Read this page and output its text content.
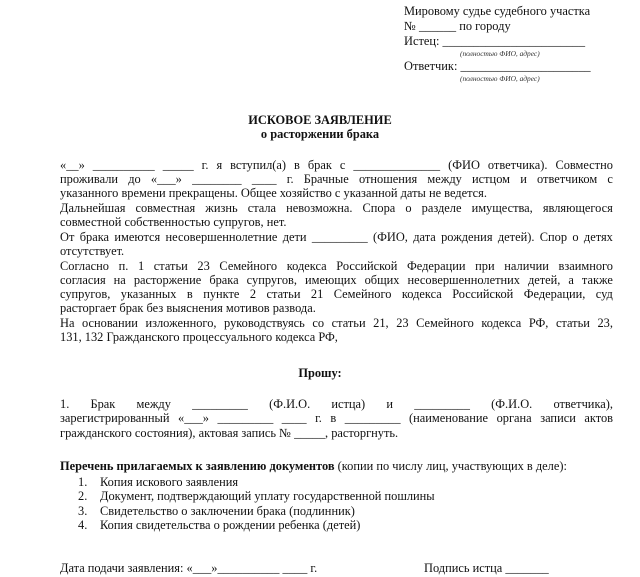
Мировому судье судебного участка
№ ______ по городу
Истец: _______________________
(полностью ФИО, адрес)
Ответчик: _____________________
(полностью ФИО, адрес)
ИСКОВОЕ ЗАЯВЛЕНИЕ
о расторжении брака
«__» __________ _____ г. я вступил(а) в брак с ______________ (ФИО ответчика). Совместно
проживали до «___» ________ ____ г. Брачные отношения между истцом и ответчиком с
указанного времени прекращены. Общее хозяйство с указанной даты не ведется.
Дальнейшая совместная жизнь стала невозможна. Спора о разделе имущества, являющегося
совместной собственностью супругов, нет.
От брака имеются несовершеннолетние дети _________ (ФИО, дата рождения детей). Спор о детях
отсутствует.
Согласно п. 1 статьи 23 Семейного кодекса Российской Федерации при наличии взаимного
согласия на расторжение брака супругов, имеющих общих несовершеннолетних детей, а также
супругов, указанных в пункте 2 статьи 21 Семейного кодекса Российской Федерации, суд
расторгает брак без выяснения мотивов развода.
На основании изложенного, руководствуясь со статьи 21, 23 Семейного кодекса РФ, статьи 23,
131, 132 Гражданского процессуального кодекса РФ,
Прошу:
1. Брак между _________ (Ф.И.О. истца) и _________ (Ф.И.О. ответчика),
зарегистрированный «___» _________ ____ г. в _________ (наименование органа записи актов
гражданского состояния), актовая запись № _____, расторгнуть.
Перечень прилагаемых к заявлению документов (копии по числу лиц, участвующих в деле):
1. Копия искового заявления
2. Документ, подтверждающий уплату государственной пошлины
3. Свидетельство о заключении брака (подлинник)
4. Копия свидетельства о рождении ребенка (детей)
Дата подачи заявления: «___»__________ ____ г.	Подпись истца _______
